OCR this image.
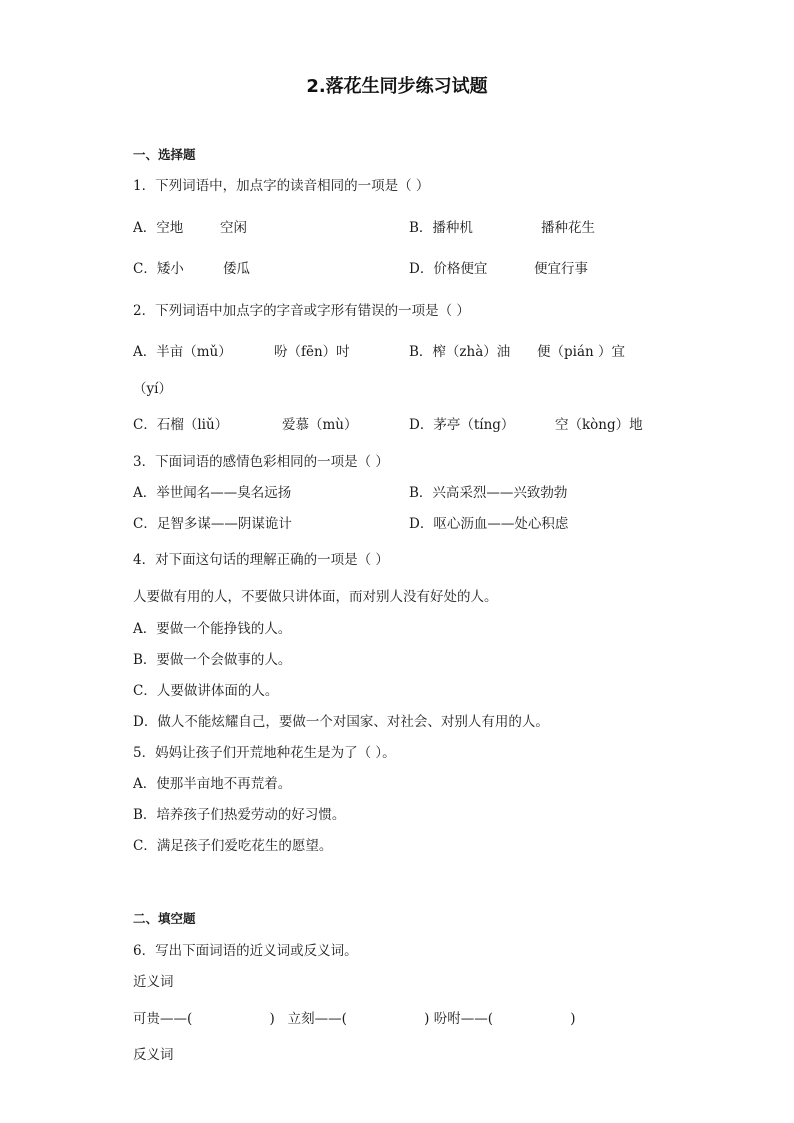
2.落花生同步练习试题
一、选择题
1．下列词语中，加点字的读音相同的一项是（ ）
A．空地	空闲	B．播种机	播种花生
C．矮小	倭瓜	D．价格便宜	便宜行事
2．下列词语中加点字的字音或字形有错误的一项是（ ）
A．半亩（mǔ）	吩（fēn）吋	B．榨（zhà）油 便（pián ）宜
（yí）
C．石榴（liǔ）	爱慕（mù）	D．茅亭（tíng）	空（kòng）地
3．下面词语的感情色彩相同的一项是（ ）
A．举世闻名——臭名远扬	B．兴高采烈——兴致勃勃
C．足智多谋——阴谋诡计	D．呕心沥血——处心积虑
4．对下面这句话的理解正确的一项是（ ）
人要做有用的人，不要做只讲体面，而对别人没有好处的人。
A．要做一个能挣钱的人。
B．要做一个会做事的人。
C．人要做讲体面的人。
D．做人不能炫耀自己，要做一个对国家、对社会、对别人有用的人。
5．妈妈让孩子们开荒地种花生是为了（ ）。
A．使那半亩地不再荒着。
B．培养孩子们热爱劳动的好习惯。
C．满足孩子们爱吃花生的愿望。
二、填空题
6．写出下面词语的近义词或反义词。
近义词
可贵——(                  )   立刻——(                  ) 吩咐——(                  )
反义词
